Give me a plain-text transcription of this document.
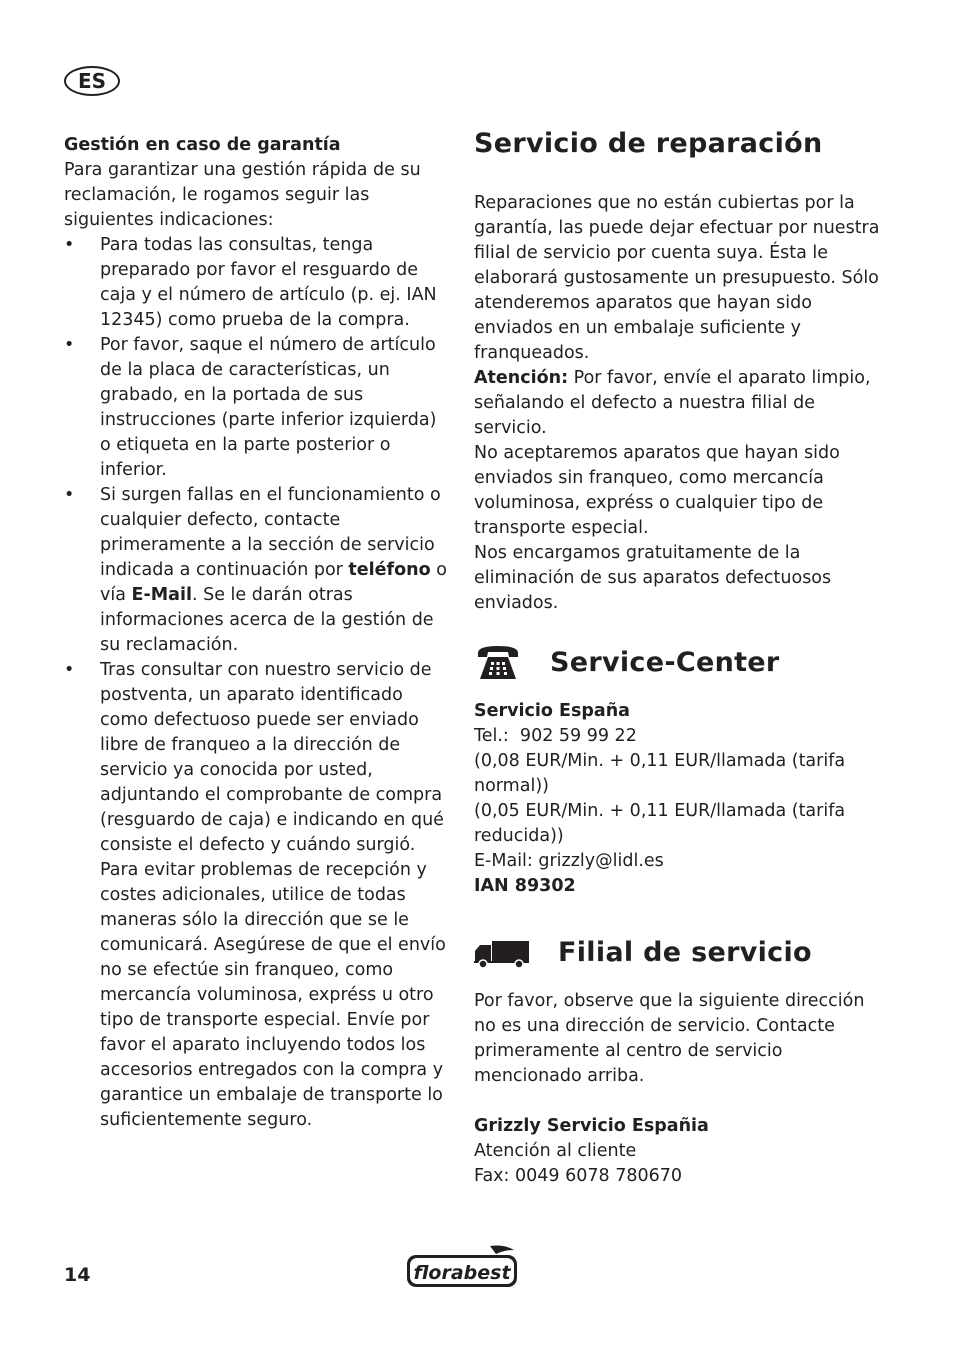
ES
Gestión en caso de garantía

Para garantizar una gestión rápida de su reclamación, le rogamos seguir las siguientes indicaciones:

• Para todas las consultas, tenga preparado por favor el resguardo de caja y el número de artículo (p. ej. IAN 12345) como prueba de la compra.
• Por favor, saque el número de artículo de la placa de características, un grabado, en la portada de sus instrucciones (parte inferior izquierda) o etiqueta en la parte posterior o inferior.
• Si surgen fallas en el funcionamiento o cualquier defecto, contacte primeramente a la sección de servicio indicada a continuación por teléfono o vía E-Mail. Se le darán otras informaciones acerca de la gestión de su reclamación.
• Tras consultar con nuestro servicio de postventa, un aparato identificado como defectuoso puede ser enviado libre de franqueo a la dirección de servicio ya conocida por usted, adjuntando el comprobante de compra (resguardo de caja) e indicando en qué consiste el defecto y cuándo surgió. Para evitar problemas de recepción y costes adicionales, utilice de todas maneras sólo la dirección que se le comunicará. Asegúrese de que el envío no se efectúe sin franqueo, como mercancía voluminosa, expréss u otro tipo de transporte especial. Envíe por favor el aparato incluyendo todos los accesorios entregados con la compra y garantice un embalaje de transporte lo suficientemente seguro.
Servicio de reparación

Reparaciones que no están cubiertas por la garantía, las puede dejar efectuar por nuestra filial de servicio por cuenta suya. Ésta le elaborará gustosamente un presupuesto. Sólo atenderemos aparatos que hayan sido enviados en un embalaje suficiente y franqueados.

Atención: Por favor, envíe el aparato limpio, señalando el defecto a nuestra filial de servicio.

No aceptaremos aparatos que hayan sido enviados sin franqueo, como mercancía voluminosa, expréss o cualquier tipo de transporte especial.

Nos encargamos gratuitamente de la eliminación de sus aparatos defectuosos enviados.

Service-Center
Servicio España

Tel.:  902 59 99 22

(0,08 EUR/Min. + 0,11 EUR/llamada (tarifa normal))

(0,05 EUR/Min. + 0,11 EUR/llamada (tarifa reducida))

E-Mail: grizzly@lidl.es

IAN 89302

Filial de servicio

Por favor, observe que la siguiente dirección no es una dirección de servicio. Contacte primeramente al centro de servicio mencionado arriba.

Grizzly Servicio Españia

Atención al cliente

Fax: 0049 6078 780670

14	florabest
